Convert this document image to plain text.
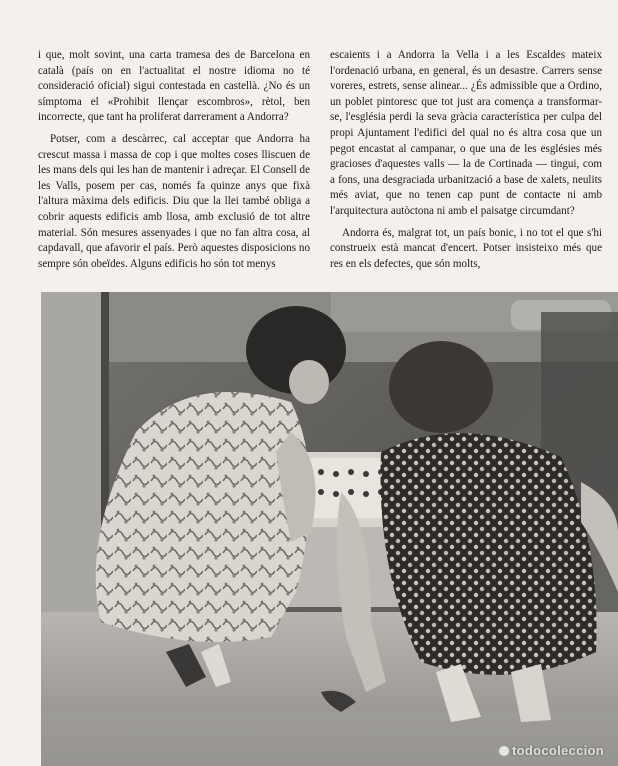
i que, molt sovint, una carta tramesa des de Barcelona en català (país on en l'actualitat el nostre idioma no té consideració oficial) sigui contestada en castellà. ¿No és un símptoma el «Prohibit llençar escombros», rètol, ben incorrecte, que tant ha proliferat darrerament a Andorra?

Potser, com a descàrrec, cal acceptar que Andorra ha crescut massa i massa de cop i que moltes coses lliscuen de les mans dels qui les han de mantenir i adreçar. El Consell de les Valls, posem per cas, només fa quinze anys que fixà l'altura màxima dels edificis. Diu que la llei també obliga a cobrir aquests edificis amb llosa, amb exclusió de tot altre material. Són mesures assenyades i que no fan altra cosa, al capdavall, que afavorir el país. Però aquestes disposicions no sempre són obeïdes. Alguns edificis ho són tot menys

escaients i a Andorra la Vella i a les Escaldes mateix l'ordenació urbana, en general, és un desastre. Carrers sense voreres, estrets, sense alinear... ¿És admissible que a Ordino, un poblet pintoresc que tot just ara comença a transformar-se, l'església perdi la seva gràcia característica per culpa del propi Ajuntament l'edifici del qual no és altra cosa que un pegot encastat al campanar, o que una de les esglésies més gracioses d'aquestes valls — la de Cortinada — tingui, com a fons, una desgraciada urbanització a base de xalets, neulits més aviat, que no tenen cap punt de contacte ni amb l'arquitectura autòctona ni amb el paisatge circumdant?

Andorra és, malgrat tot, un país bonic, i no tot el que s'hi construeix està mancat d'encert. Potser insisteixo més que res en els defectes, que són molts,

todocoleccion
